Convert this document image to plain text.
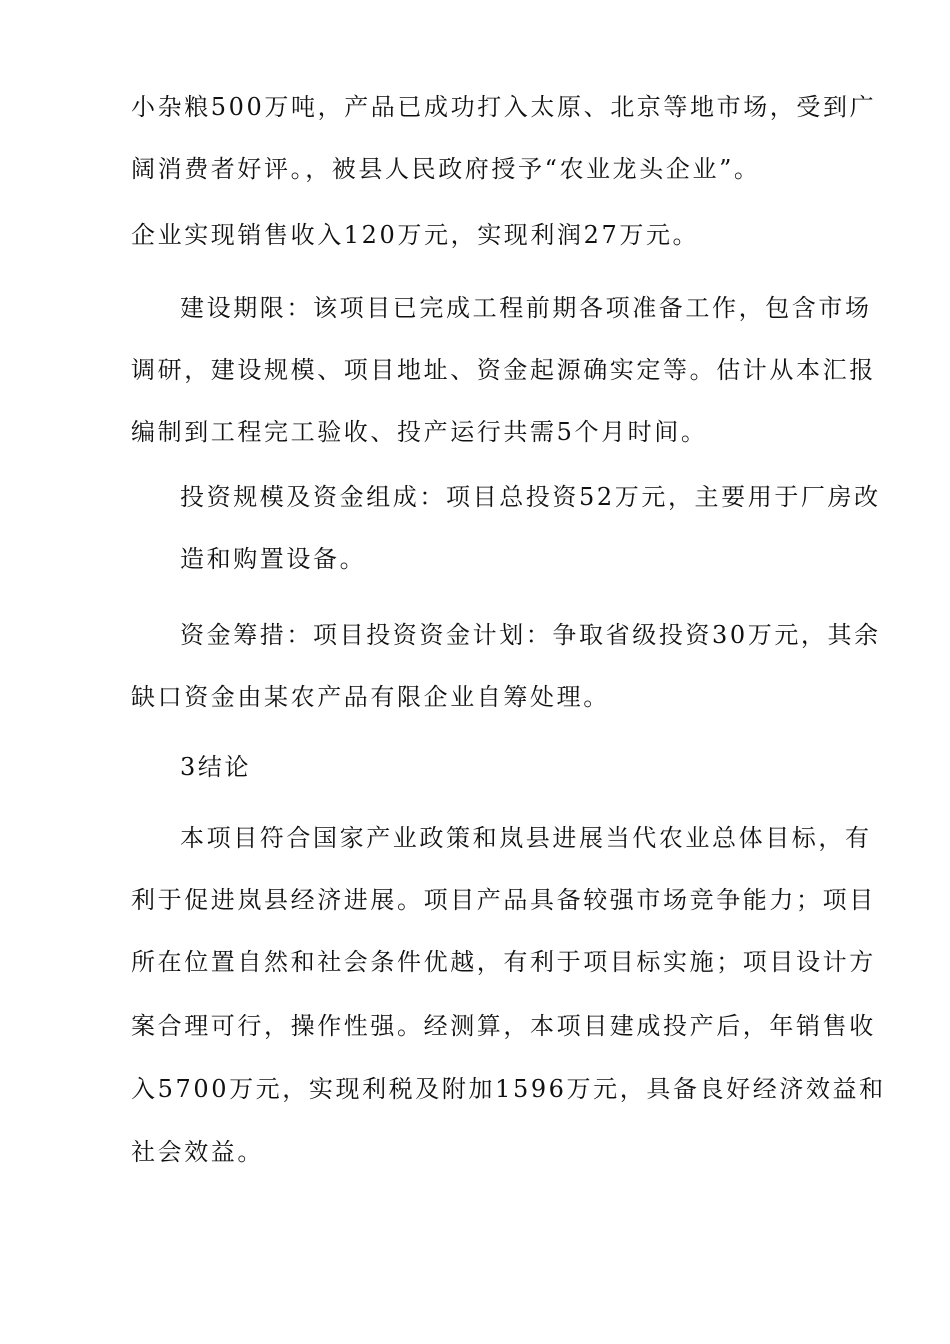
小杂粮500万吨，产品已成功打入太原、北京等地市场，受到广
阔消费者好评。，被县人民政府授予“农业龙头企业”。
企业实现销售收入120万元，实现利润27万元。
建设期限：该项目已完成工程前期各项准备工作，包含市场
调研，建设规模、项目地址、资金起源确实定等。估计从本汇报
编制到工程完工验收、投产运行共需5个月时间。
投资规模及资金组成：项目总投资52万元，主要用于厂房改
造和购置设备。
资金筹措：项目投资资金计划：争取省级投资30万元，其余
缺口资金由某农产品有限企业自筹处理。
3结论
本项目符合国家产业政策和岚县进展当代农业总体目标，有
利于促进岚县经济进展。项目产品具备较强市场竞争能力；项目
所在位置自然和社会条件优越，有利于项目标实施；项目设计方
案合理可行，操作性强。经测算，本项目建成投产后，年销售收
入5700万元，实现利税及附加1596万元，具备良好经济效益和
社会效益。
